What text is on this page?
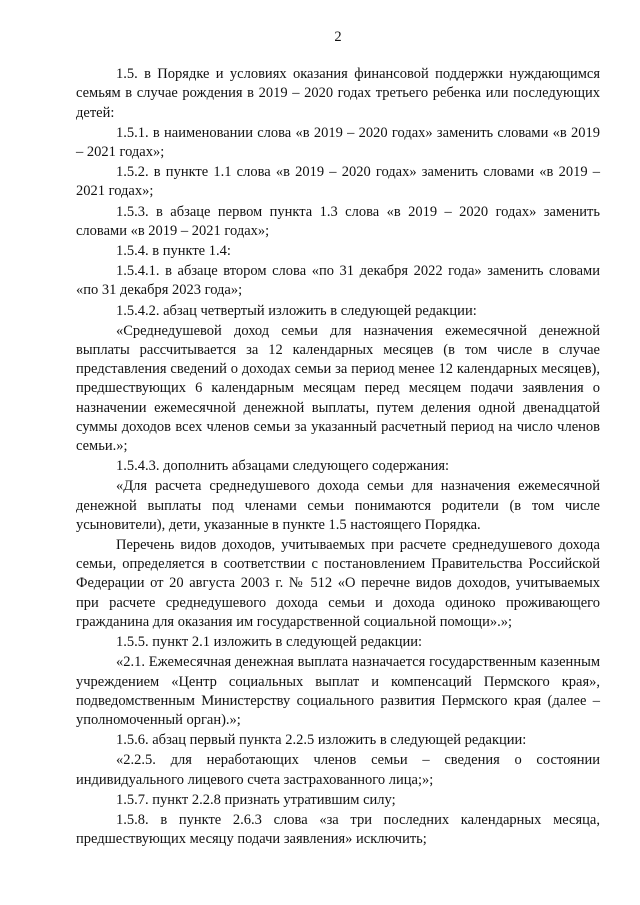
2

1.5. в Порядке и условиях оказания финансовой поддержки нуждающимся семьям в случае рождения в 2019 – 2020 годах третьего ребенка или последующих детей:

1.5.1. в наименовании слова «в 2019 – 2020 годах» заменить словами «в 2019 – 2021 годах»;

1.5.2. в пункте 1.1 слова «в 2019 – 2020 годах» заменить словами «в 2019 – 2021 годах»;

1.5.3. в абзаце первом пункта 1.3 слова «в 2019 – 2020 годах» заменить словами «в 2019 – 2021 годах»;

1.5.4. в пункте 1.4:

1.5.4.1. в абзаце втором слова «по 31 декабря 2022 года» заменить словами «по 31 декабря 2023 года»;

1.5.4.2. абзац четвертый изложить в следующей редакции:

«Среднедушевой доход семьи для назначения ежемесячной денежной выплаты рассчитывается за 12 календарных месяцев (в том числе в случае представления сведений о доходах семьи за период менее 12 календарных месяцев), предшествующих 6 календарным месяцам перед месяцем подачи заявления о назначении ежемесячной денежной выплаты, путем деления одной двенадцатой суммы доходов всех членов семьи за указанный расчетный период на число членов семьи.»;

1.5.4.3. дополнить абзацами следующего содержания:

«Для расчета среднедушевого дохода семьи для назначения ежемесячной денежной выплаты под членами семьи понимаются родители (в том числе усыновители), дети, указанные в пункте 1.5 настоящего Порядка.

Перечень видов доходов, учитываемых при расчете среднедушевого дохода семьи, определяется в соответствии с постановлением Правительства Российской Федерации от 20 августа 2003 г. № 512 «О перечне видов доходов, учитываемых при расчете среднедушевого дохода семьи и дохода одиноко проживающего гражданина для оказания им государственной социальной помощи».»;

1.5.5. пункт 2.1 изложить в следующей редакции:

«2.1. Ежемесячная денежная выплата назначается государственным казенным учреждением «Центр социальных выплат и компенсаций Пермского края», подведомственным Министерству социального развития Пермского края (далее – уполномоченный орган).»;

1.5.6. абзац первый пункта 2.2.5 изложить в следующей редакции:

«2.2.5. для неработающих членов семьи – сведения о состоянии индивидуального лицевого счета застрахованного лица;»;

1.5.7. пункт 2.2.8 признать утратившим силу;

1.5.8. в пункте 2.6.3 слова «за три последних календарных месяца, предшествующих месяцу подачи заявления» исключить;
